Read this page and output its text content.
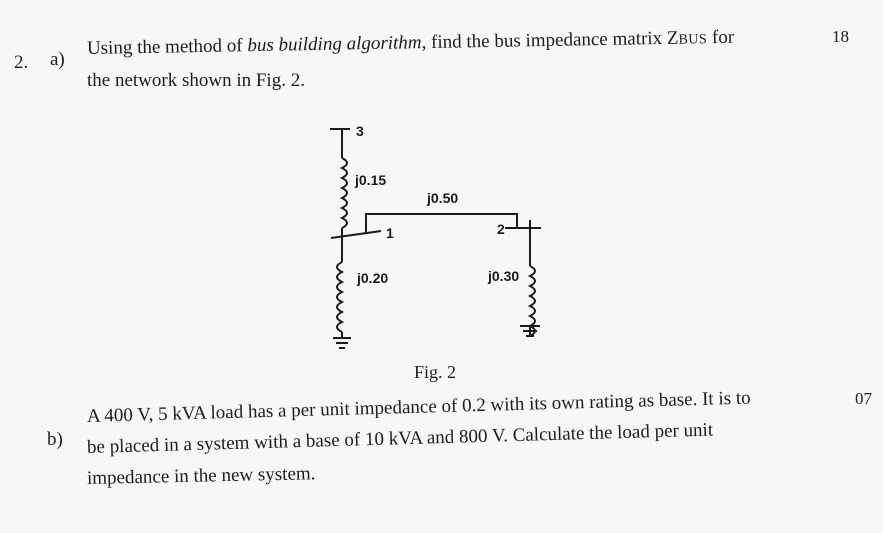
2. a)
Using the method of bus building algorithm, find the bus impedance matrix ZBUS for
the network shown in Fig. 2.
18
3
j0.15
j0.50
1	2
j0.20	j0.30
Fig. 2
07
b)
A 400 V, 5 kVA load has a per unit impedance of 0.2 with its own rating as base. It is to
be placed in a system with a base of 10 kVA and 800 V. Calculate the load per unit
impedance in the new system.
